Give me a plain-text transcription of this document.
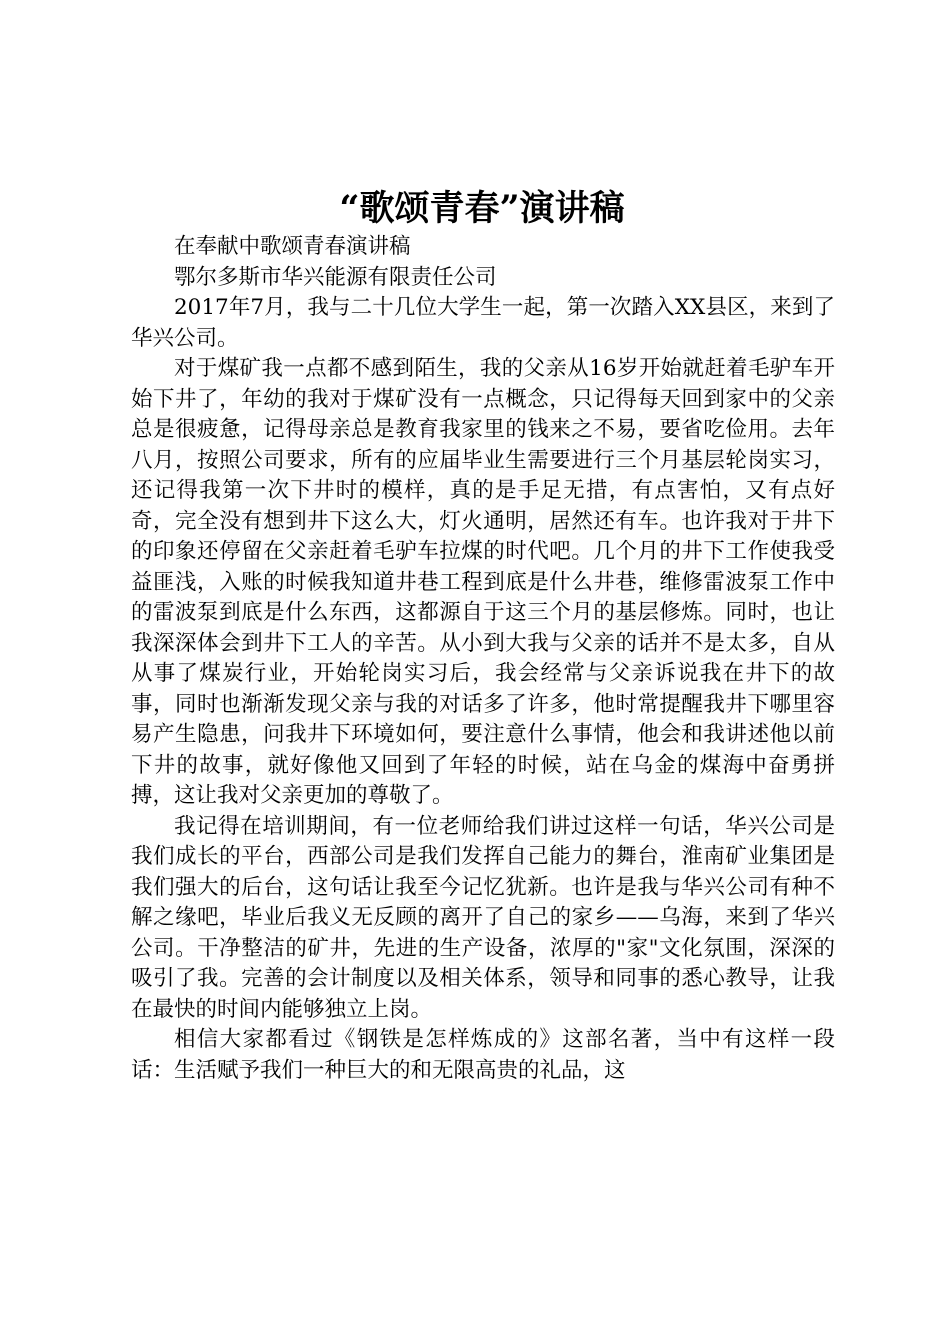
“歌颂青春”演讲稿

在奉献中歌颂青春演讲稿

鄂尔多斯市华兴能源有限责任公司

2017年7月，我与二十几位大学生一起，第一次踏入XX县区，来到了华兴公司。

对于煤矿我一点都不感到陌生，我的父亲从16岁开始就赶着毛驴车开始下井了，年幼的我对于煤矿没有一点概念，只记得每天回到家中的父亲总是很疲惫，记得母亲总是教育我家里的钱来之不易，要省吃俭用。去年八月，按照公司要求，所有的应届毕业生需要进行三个月基层轮岗实习，还记得我第一次下井时的模样，真的是手足无措，有点害怕，又有点好奇，完全没有想到井下这么大，灯火通明，居然还有车。也许我对于井下的印象还停留在父亲赶着毛驴车拉煤的时代吧。几个月的井下工作使我受益匪浅，入账的时候我知道井巷工程到底是什么井巷，维修雷波泵工作中的雷波泵到底是什么东西，这都源自于这三个月的基层修炼。同时，也让我深深体会到井下工人的辛苦。从小到大我与父亲的话并不是太多，自从从事了煤炭行业，开始轮岗实习后，我会经常与父亲诉说我在井下的故事，同时也渐渐发现父亲与我的对话多了许多，他时常提醒我井下哪里容易产生隐患，问我井下环境如何，要注意什么事情，他会和我讲述他以前下井的故事，就好像他又回到了年轻的时候，站在乌金的煤海中奋勇拼搏，这让我对父亲更加的尊敬了。

我记得在培训期间，有一位老师给我们讲过这样一句话，华兴公司是我们成长的平台，西部公司是我们发挥自己能力的舞台，淮南矿业集团是我们强大的后台，这句话让我至今记忆犹新。也许是我与华兴公司有种不解之缘吧，毕业后我义无反顾的离开了自己的家乡——乌海，来到了华兴公司。干净整洁的矿井，先进的生产设备，浓厚的"家"文化氛围，深深的吸引了我。完善的会计制度以及相关体系，领导和同事的悉心教导，让我在最快的时间内能够独立上岗。

相信大家都看过《钢铁是怎样炼成的》这部名著，当中有这样一段话：生活赋予我们一种巨大的和无限高贵的礼品，这
